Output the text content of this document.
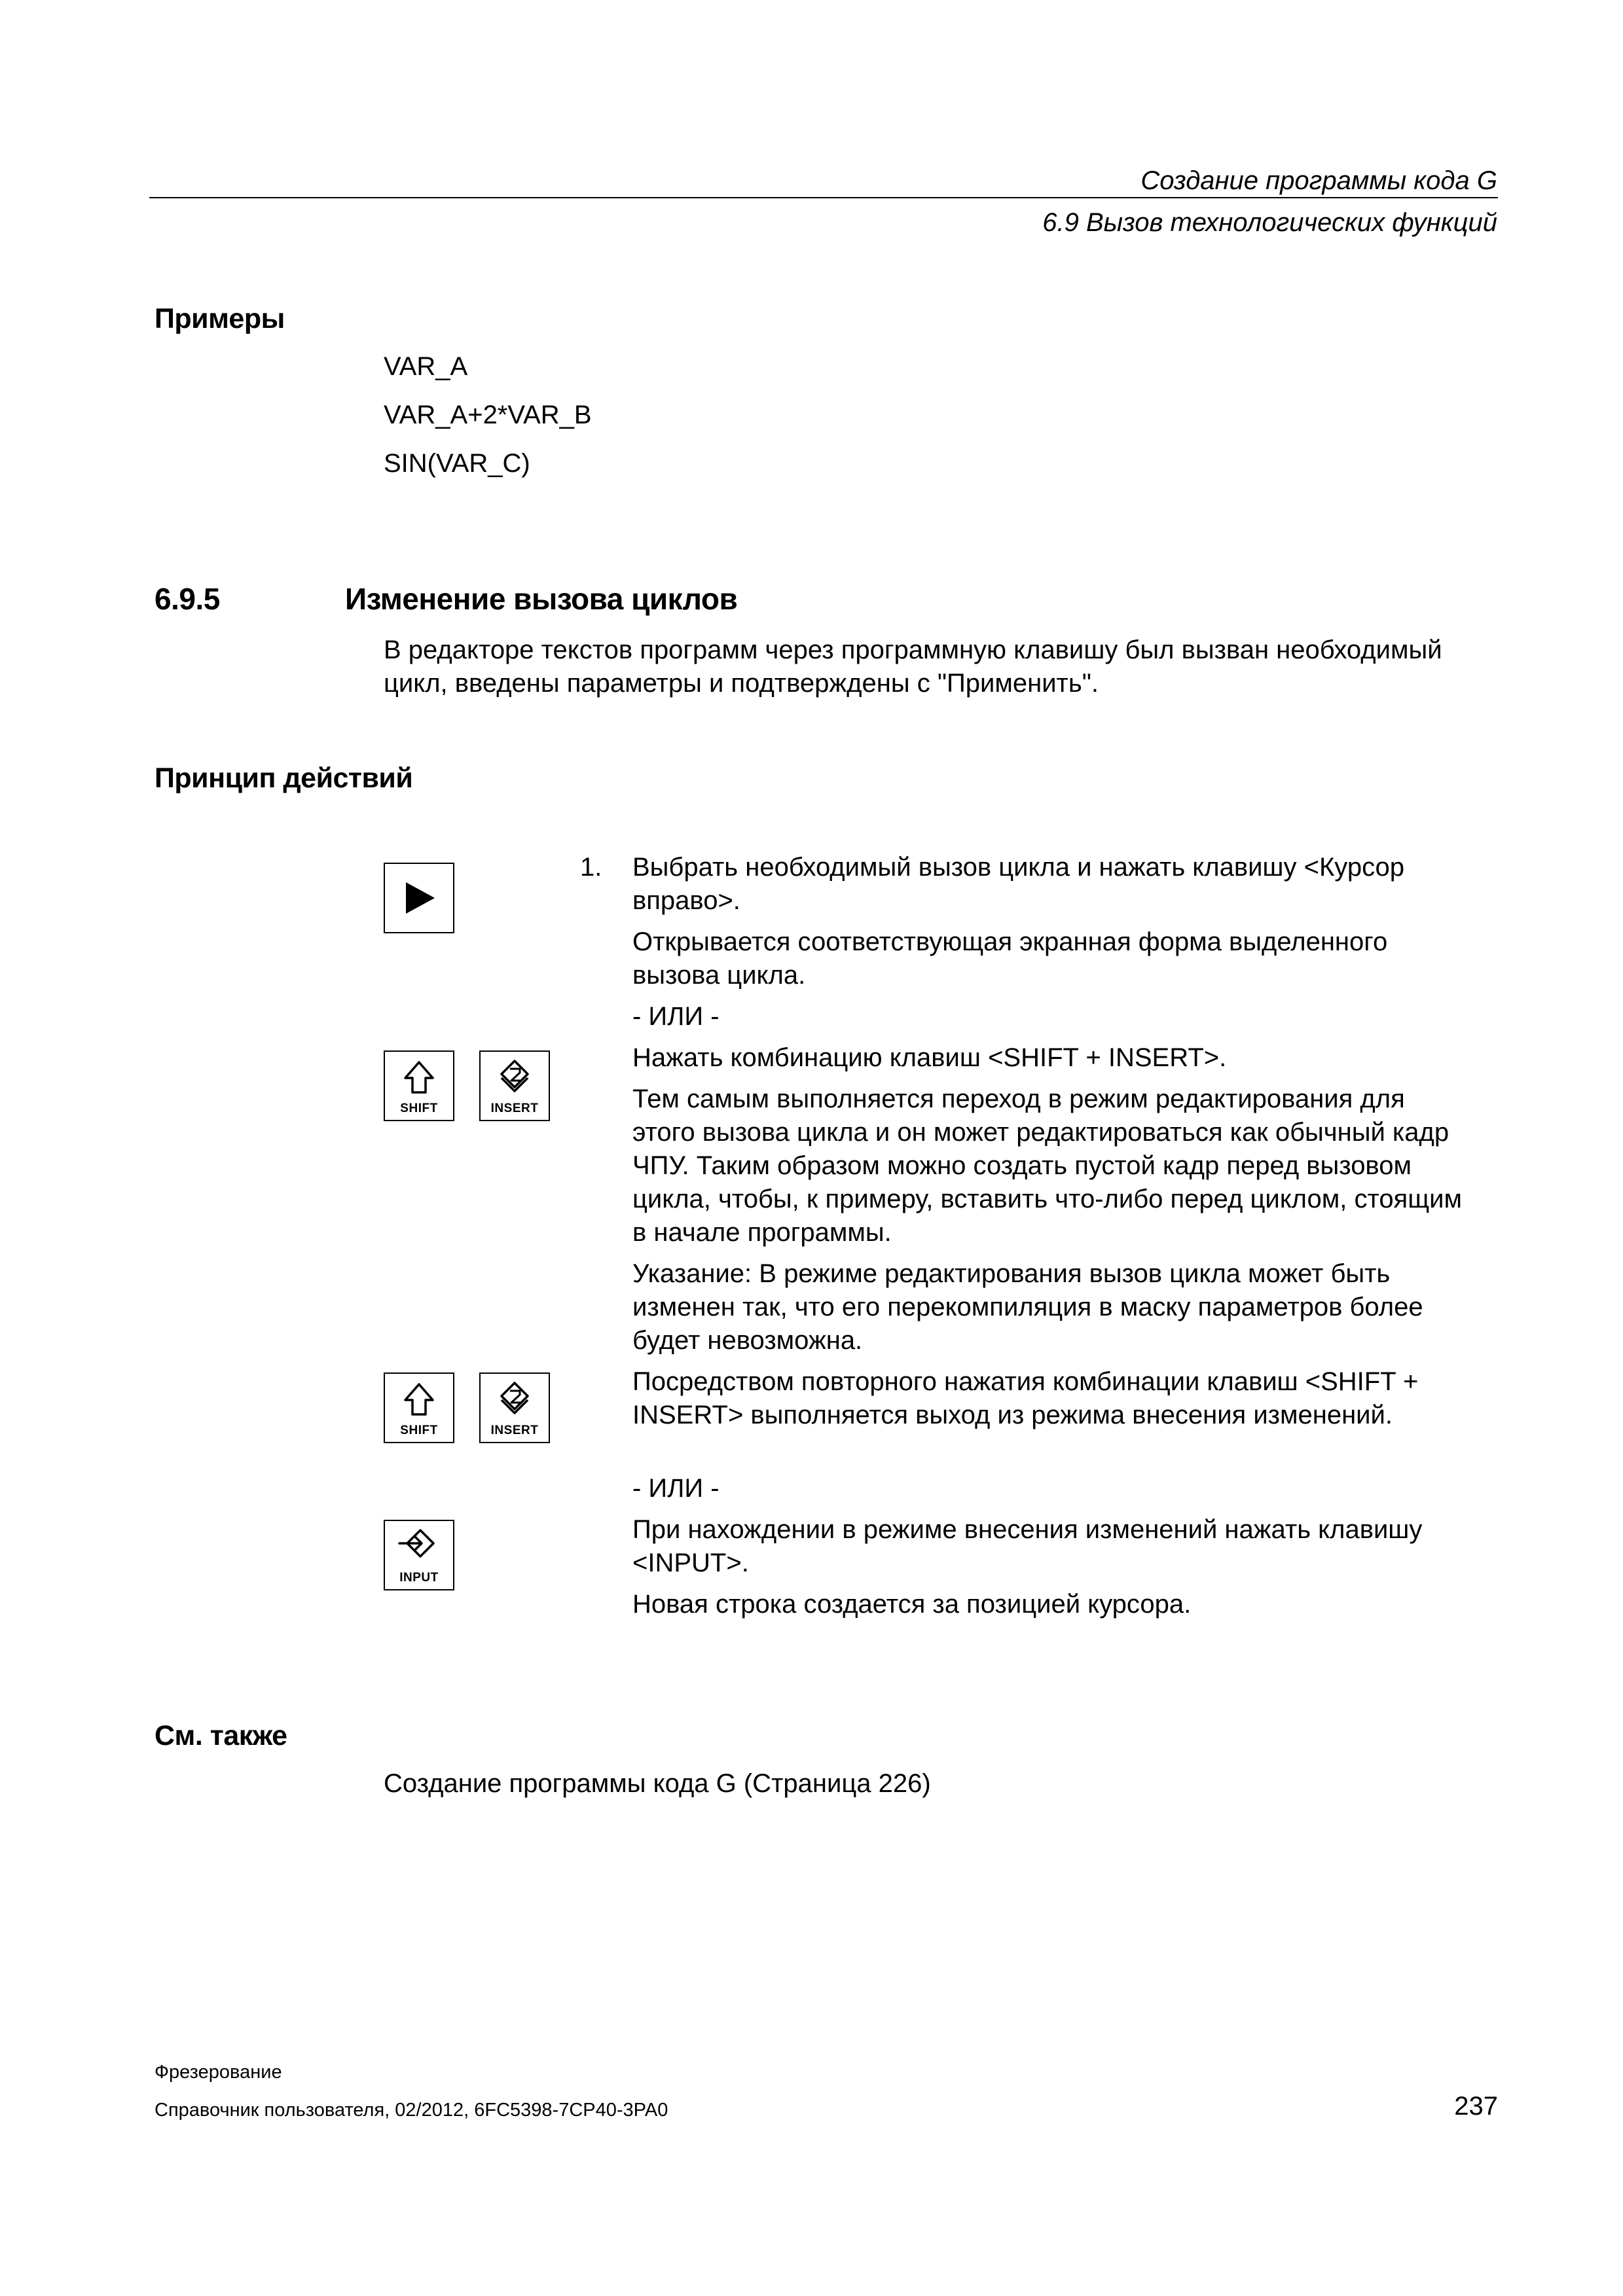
Создание программы кода G
6.9 Вызов технологических функций
Примеры
VAR_A
VAR_A+2*VAR_B
SIN(VAR_C)
6.9.5	Изменение вызова циклов
В редакторе текстов программ через программную клавишу был вызван необходимый
цикл, введены параметры и подтверждены с "Применить".
Принцип действий
SHIFT	INSERT
SHIFT	INSERT
INPUT
1. Выбрать необходимый вызов цикла и нажать клавишу <Курсор
вправо>.
Открывается соответствующая экранная форма выделенного
вызова цикла.
- ИЛИ -
Нажать комбинацию клавиш <SHIFT + INSERT>.
Тем самым выполняется переход в режим редактирования для
этого вызова цикла и он может редактироваться как обычный кадр
ЧПУ. Таким образом можно создать пустой кадр перед вызовом
цикла, чтобы, к примеру, вставить что-либо перед циклом, стоящим
в начале программы.
Указание: В режиме редактирования вызов цикла может быть
изменен так, что его перекомпиляция в маску параметров более
будет невозможна.
Посредством повторного нажатия комбинации клавиш <SHIFT +
INSERT> выполняется выход из режима внесения изменений.
- ИЛИ -
При нахождении в режиме внесения изменений нажать клавишу
<INPUT>.
Новая строка создается за позицией курсора.
См. также
Создание программы кода G (Страница 226)
Фрезерование
Справочник пользователя, 02/2012, 6FC5398-7CP40-3PA0	237
